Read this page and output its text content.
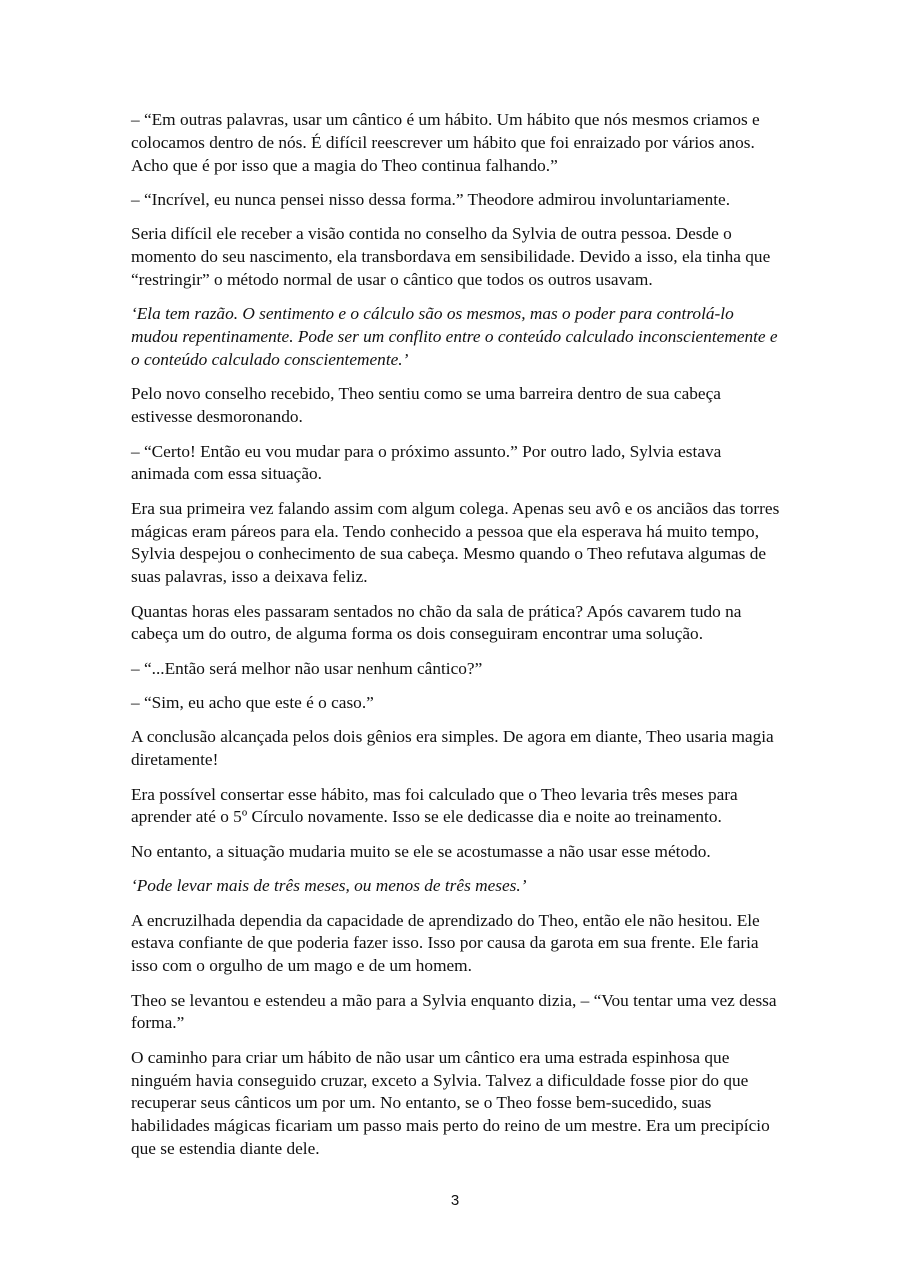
– “Em outras palavras, usar um cântico é um hábito. Um hábito que nós mesmos criamos e colocamos dentro de nós. É difícil reescrever um hábito que foi enraizado por vários anos. Acho que é por isso que a magia do Theo continua falhando.”

– “Incrível, eu nunca pensei nisso dessa forma.” Theodore admirou involuntariamente.

Seria difícil ele receber a visão contida no conselho da Sylvia de outra pessoa. Desde o momento do seu nascimento, ela transbordava em sensibilidade. Devido a isso, ela tinha que “restringir” o método normal de usar o cântico que todos os outros usavam.

‘Ela tem razão. O sentimento e o cálculo são os mesmos, mas o poder para controlá-lo mudou repentinamente. Pode ser um conflito entre o conteúdo calculado inconscientemente e o conteúdo calculado conscientemente.’

Pelo novo conselho recebido, Theo sentiu como se uma barreira dentro de sua cabeça estivesse desmoronando.

– “Certo! Então eu vou mudar para o próximo assunto.” Por outro lado, Sylvia estava animada com essa situação.

Era sua primeira vez falando assim com algum colega. Apenas seu avô e os anciãos das torres mágicas eram páreos para ela. Tendo conhecido a pessoa que ela esperava há muito tempo, Sylvia despejou o conhecimento de sua cabeça. Mesmo quando o Theo refutava algumas de suas palavras, isso a deixava feliz.

Quantas horas eles passaram sentados no chão da sala de prática? Após cavarem tudo na cabeça um do outro, de alguma forma os dois conseguiram encontrar uma solução.

– “...Então será melhor não usar nenhum cântico?”

– “Sim, eu acho que este é o caso.”

A conclusão alcançada pelos dois gênios era simples. De agora em diante, Theo usaria magia diretamente!

Era possível consertar esse hábito, mas foi calculado que o Theo levaria três meses para aprender até o 5º Círculo novamente. Isso se ele dedicasse dia e noite ao treinamento.

No entanto, a situação mudaria muito se ele se acostumasse a não usar esse método.

‘Pode levar mais de três meses, ou menos de três meses.’

A encruzilhada dependia da capacidade de aprendizado do Theo, então ele não hesitou. Ele estava confiante de que poderia fazer isso. Isso por causa da garota em sua frente. Ele faria isso com o orgulho de um mago e de um homem.

Theo se levantou e estendeu a mão para a Sylvia enquanto dizia, – “Vou tentar uma vez dessa forma.”

O caminho para criar um hábito de não usar um cântico era uma estrada espinhosa que ninguém havia conseguido cruzar, exceto a Sylvia. Talvez a dificuldade fosse pior do que recuperar seus cânticos um por um. No entanto, se o Theo fosse bem-sucedido, suas habilidades mágicas ficariam um passo mais perto do reino de um mestre. Era um precipício que se estendia diante dele.

3
